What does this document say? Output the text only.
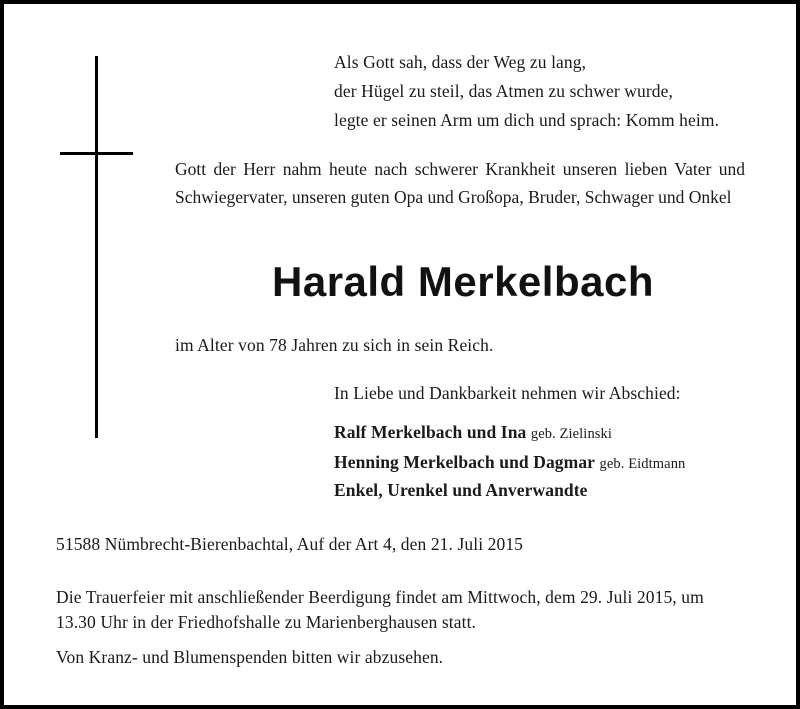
Als Gott sah, dass der Weg zu lang,
der Hügel zu steil, das Atmen zu schwer wurde,
legte er seinen Arm um dich und sprach: Komm heim.
Gott der Herr nahm heute nach schwerer Krankheit unseren lieben Vater und Schwiegervater, unseren guten Opa und Großopa, Bruder, Schwager und Onkel
Harald Merkelbach
im Alter von 78 Jahren zu sich in sein Reich.
In Liebe und Dankbarkeit nehmen wir Abschied:
Ralf Merkelbach und Ina geb. Zielinski
Henning Merkelbach und Dagmar geb. Eidtmann
Enkel, Urenkel und Anverwandte
51588 Nümbrecht-Bierenbachtal, Auf der Art 4, den 21. Juli 2015
Die Trauerfeier mit anschließender Beerdigung findet am Mittwoch, dem 29. Juli 2015, um
13.30 Uhr in der Friedhofshalle zu Marienberghausen statt.
Von Kranz- und Blumenspenden bitten wir abzusehen.
